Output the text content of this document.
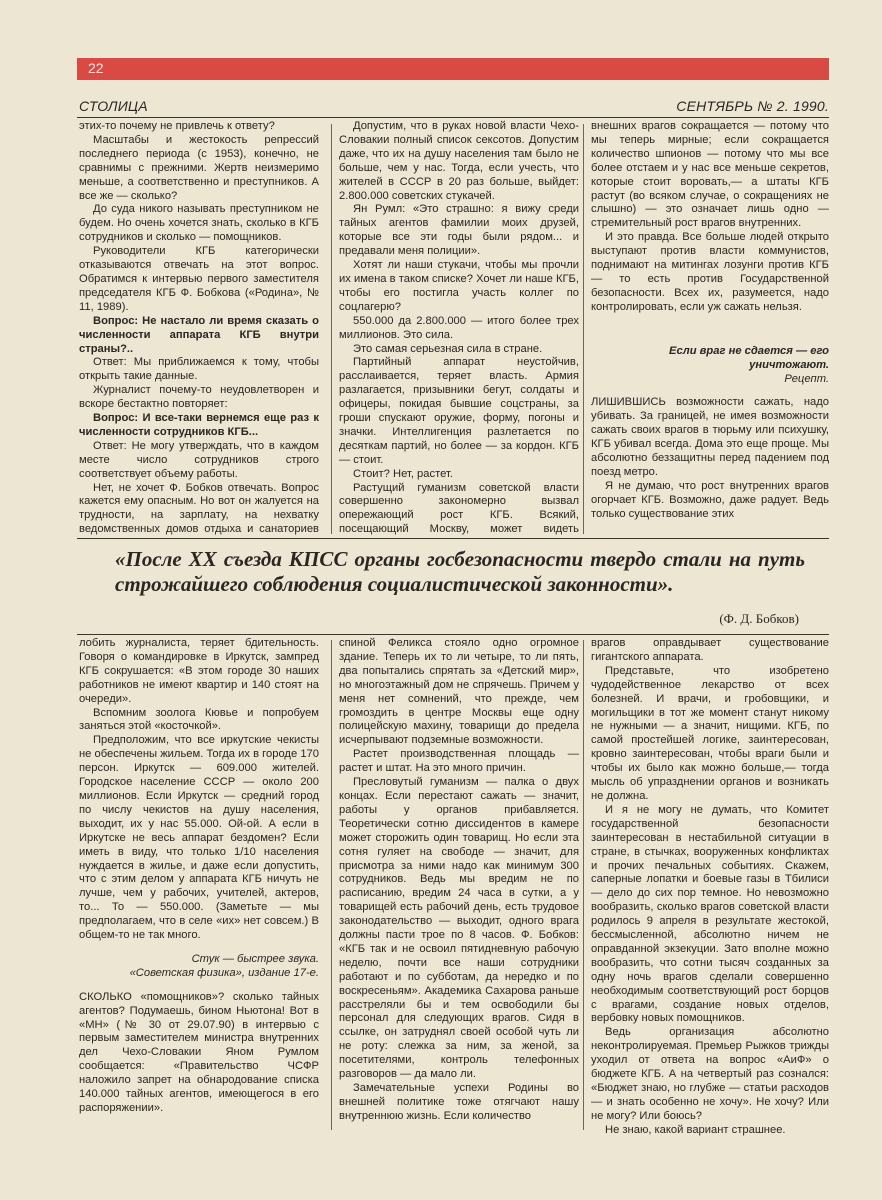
22
СТОЛИЦА	СЕНТЯБРЬ № 2. 1990.

этих-то почему не привлечь к ответу?

Масштабы и жестокость репрессий последнего периода (с 1953), конечно, не сравнимы с прежними. Жертв неизмеримо меньше, а соответственно и преступников. А все же — сколько?

До суда никого называть преступником не будем. Но очень хочется знать, сколько в КГБ сотрудников и сколько — помощников.

Руководители КГБ категорически отказываются отвечать на этот вопрос. Обратимся к интервью первого заместителя председателя КГБ Ф. Бобкова («Родина», № 11, 1989).

Вопрос: Не настало ли время сказать о численности аппарата КГБ внутри страны?..

Ответ: Мы приближаемся к тому, чтобы открыть такие данные.

Журналист почему-то неудовлетворен и вскоре бестактно повторяет:

Вопрос: И все-таки вернемся еще раз к численности сотрудников КГБ...

Ответ: Не могу утверждать, что в каждом месте число сотрудников строго соответствует объему работы.

Нет, не хочет Ф. Бобков отвечать. Вопрос кажется ему опасным. Но вот он жалуется на трудности, на зарплату, на нехватку ведомственных домов отдыха и санаториев

Допустим, что в руках новой власти Чехо-Словакии полный список сексотов. Допустим даже, что их на душу населения там было не больше, чем у нас. Тогда, если учесть, что жителей в СССР в 20 раз больше, выйдет: 2.800.000 советских стукачей.

Ян Румл: «Это страшно: я вижу среди тайных агентов фамилии моих друзей, которые все эти годы были рядом... и предавали меня полиции».

Хотят ли наши стукачи, чтобы мы прочли их имена в таком списке? Хочет ли наше КГБ, чтобы его постигла участь коллег по соцлагерю?

550.000 да 2.800.000 — итого более трех миллионов. Это сила.

Это самая серьезная сила в стране.

Партийный аппарат неустойчив, расслаивается, теряет власть. Армия разлагается, призывники бегут, солдаты и офицеры, покидая бывшие соцстраны, за гроши спускают оружие, форму, погоны и значки. Интеллигенция разлетается по десяткам партий, но более — за кордон. КГБ — стоит.

Стоит? Нет, растет.

Растущий гуманизм советской власти совершенно закономерно вызвал опережающий рост КГБ. Всякий, посещающий Москву, может видеть

внешних врагов сокращается — потому что мы теперь мирные; если сокращается количество шпионов — потому что мы все более отстаем и у нас все меньше секретов, которые стоит воровать,— а штаты КГБ растут (во всяком случае, о сокращениях не слышно) — это означает лишь одно — стремительный рост врагов внутренних.

И это правда. Все больше людей открыто выступают против власти коммунистов, поднимают на митингах лозунги против КГБ — то есть против Государственной безопасности. Всех их, разумеется, надо контролировать, если уж сажать нельзя.

Если враг не сдается — его уничтожают.
Рецепт.

ЛИШИВШИСЬ возможности сажать, надо убивать. За границей, не имея возможности сажать своих врагов в тюрьму или психушку, КГБ убивал всегда. Дома это еще проще. Мы абсолютно беззащитны перед падением под поезд метро.

Я не думаю, что рост внутренних врагов огорчает КГБ. Возможно, даже радует. Ведь только существование этих

«После XX съезда КПСС органы госбезопасности твердо стали на путь строжайшего соблюдения социалистической законности».
(Ф. Д. Бобков)

лобить журналиста, теряет бдительность. Говоря о командировке в Иркутск, зампред КГБ сокрушается: «В этом городе 30 наших работников не имеют квартир и 140 стоят на очереди».

Вспомним зоолога Кювье и попробуем заняться этой «косточкой».

Предположим, что все иркутские чекисты не обеспечены жильем. Тогда их в городе 170 персон. Иркутск — 609.000 жителей. Городское население СССР — около 200 миллионов. Если Иркутск — средний город по числу чекистов на душу населения, выходит, их у нас 55.000. Ой-ой. А если в Иркутске не весь аппарат бездомен? Если иметь в виду, что только 1/10 населения нуждается в жилье, и даже если допустить, что с этим делом у аппарата КГБ ничуть не лучше, чем у рабочих, учителей, актеров, то... То — 550.000. (Заметьте — мы предполагаем, что в селе «их» нет совсем.) В общем-то не так много.

Стук — быстрее звука.
«Советская физика», издание 17-е.

СКОЛЬКО «помощников»? сколько тайных агентов? Подумаешь, бином Ньютона! Вот в «МН» (№ 30 от 29.07.90) в интервью с первым заместителем министра внутренних дел Чехо-Словакии Яном Румлом сообщается: «Правительство ЧСФР наложило запрет на обнародование списка 140.000 тайных агентов, имеющегося в его распоряжении».

спиной Феликса стояло одно огромное здание. Теперь их то ли четыре, то ли пять, два попытались спрятать за «Детский мир», но многоэтажный дом не спрячешь. Причем у меня нет сомнений, что прежде, чем громоздить в центре Москвы еще одну полицейскую махину, товарищи до предела исчерпывают подземные возможности.

Растет производственная площадь — растет и штат. На это много причин.

Пресловутый гуманизм — палка о двух концах. Если перестают сажать — значит, работы у органов прибавляется. Теоретически сотню диссидентов в камере может сторожить один товарищ. Но если эта сотня гуляет на свободе — значит, для присмотра за ними надо как минимум 300 сотрудников. Ведь мы вредим не по расписанию, вредим 24 часа в сутки, а у товарищей есть рабочий день, есть трудовое законодательство — выходит, одного врага должны пасти трое по 8 часов. Ф. Бобков: «КГБ так и не освоил пятидневную рабочую неделю, почти все наши сотрудники работают и по субботам, да нередко и по воскресеньям». Академика Сахарова раньше расстреляли бы и тем освободили бы персонал для следующих врагов. Сидя в ссылке, он затруднял своей особой чуть ли не роту: слежка за ним, за женой, за посетителями, контроль телефонных разговоров — да мало ли.

Замечательные успехи Родины во внешней политике тоже отягчают нашу внутреннюю жизнь. Если количество

врагов оправдывает существование гигантского аппарата.

Представьте, что изобретено чудодейственное лекарство от всех болезней. И врачи, и гробовщики, и могильщики в тот же момент станут никому не нужными — а значит, нищими. КГБ, по самой простейшей логике, заинтересован, кровно заинтересован, чтобы враги были и чтобы их было как можно больше,— тогда мысль об упразднении органов и возникать не должна.

И я не могу не думать, что Комитет государственной безопасности заинтересован в нестабильной ситуации в стране, в стычках, вооруженных конфликтах и прочих печальных событиях. Скажем, саперные лопатки и боевые газы в Тбилиси — дело до сих пор темное. Но невозможно вообразить, сколько врагов советской власти родилось 9 апреля в результате жестокой, бессмысленной, абсолютно ничем не оправданной экзекуции. Зато вполне можно вообразить, что сотни тысяч созданных за одну ночь врагов сделали совершенно необходимым соответствующий рост борцов с врагами, создание новых отделов, вербовку новых помощников.

Ведь организация абсолютно неконтролируемая. Премьер Рыжков трижды уходил от ответа на вопрос «АиФ» о бюджете КГБ. А на четвертый раз сознался: «Бюджет знаю, но глубже — статьи расходов — и знать особенно не хочу». Не хочу? Или не могу? Или боюсь?

Не знаю, какой вариант страшнее.
